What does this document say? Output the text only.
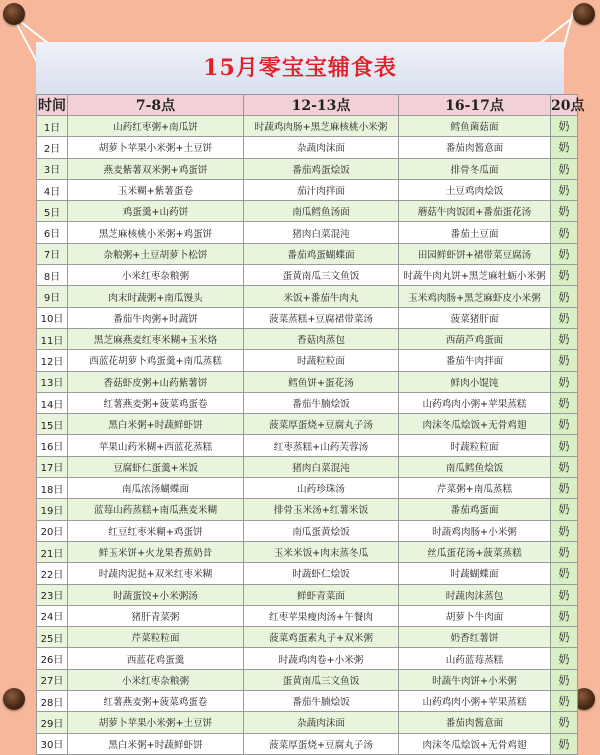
15月零宝宝辅食表
时间	7-8点	12-13点	16-17点	20点
1日	山药红枣粥+南瓜饼	时蔬鸡肉肠+黑芝麻核桃小米粥	鳕鱼菌菇面	奶
2日	胡萝卜苹果小米粥+土豆饼	杂蔬肉沫面	番茄肉酱意面	奶
3日	燕麦紫薯双米粥+鸡蛋饼	番茄鸡蛋烩饭	排骨冬瓜面	奶
4日	玉米糊+紫薯蛋卷	茄汁肉拌面	土豆鸡肉烩饭	奶
5日	鸡蛋羹+山药饼	南瓜鳕鱼汤面	蘑菇牛肉饭团+番茄蛋花汤	奶
6日	黑芝麻核桃小米粥+鸡蛋饼	猪肉白菜混沌	番茄土豆面	奶
7日	杂粮粥+土豆胡萝卜松饼	番茄鸡蛋蝴蝶面	田园鲜虾饼+裙带菜豆腐汤	奶
8日	小米红枣杂粮粥	蛋黄南瓜三文鱼饭	时蔬牛肉丸饼+黑芝麻牡蛎小米粥	奶
9日	肉末时蔬粥+南瓜馒头	米饭+番茄牛肉丸	玉米鸡肉肠+黑芝麻虾皮小米粥	奶
10日	番茄牛肉粥+时蔬饼	菠菜蒸糕+豆腐裙带菜汤	菠菜猪肝面	奶
11日	黑芝麻燕麦红枣米糊+玉米烙	香菇肉蒸包	西葫芦鸡蛋面	奶
12日	西蓝花胡萝卜鸡蛋羹+南瓜蒸糕	时蔬粒粒面	番茄牛肉拌面	奶
13日	香菇虾皮粥+山药紫薯饼	鳕鱼饼+蛋花汤	鲜肉小馄饨	奶
14日	红薯燕麦粥+菠菜鸡蛋卷	番茄牛腩烩饭	山药鸡肉小粥+苹果蒸糕	奶
15日	黑白米粥+时蔬鲜虾饼	菠菜厚蛋烧+豆腐丸子汤	肉沫冬瓜烩饭+无骨鸡翅	奶
16日	苹果山药米糊+西蓝花蒸糕	红枣蒸糕+山药芙蓉汤	时蔬粒粒面	奶
17日	豆腐虾仁蛋羹+米饭	猪肉白菜混沌	南瓜鳕鱼烩饭	奶
18日	南瓜浓汤蝴蝶面	山药珍珠汤	芹菜粥+南瓜蒸糕	奶
19日	蓝莓山药蒸糕+南瓜燕麦米糊	排骨玉米汤+红薯米饭	番茄鸡蛋面	奶
20日	红豆红枣米糊+鸡蛋饼	南瓜蛋黄烩饭	时蔬鸡肉肠+小米粥	奶
21日	鲜玉米饼+火龙果香蕉奶昔	玉米米饭+肉末蒸冬瓜	丝瓜蛋花汤+菠菜蒸糕	奶
22日	时蔬肉泥挞+双米红枣米糊	时蔬虾仁烩饭	时蔬蝴蝶面	奶
23日	时蔬蛋饺+小米粥汤	鲜虾青菜面	时蔬肉沫蒸包	奶
24日	猪肝青菜粥	红枣苹果瘦肉汤+午餐肉	胡萝卜牛肉面	奶
25日	芹菜粒粒面	菠菜鸡蛋素丸子+双米粥	奶香红薯饼	奶
26日	西蓝花鸡蛋羹	时蔬鸡肉卷+小米粥	山药蓝莓蒸糕	奶
27日	小米红枣杂粮粥	蛋黄南瓜三文鱼饭	时蔬牛肉饼+小米粥	奶
28日	红薯燕麦粥+菠菜鸡蛋卷	番茄牛腩烩饭	山药鸡肉小粥+苹果蒸糕	奶
29日	胡萝卜苹果小米粥+土豆饼	杂蔬肉沫面	番茄肉酱意面	奶
30日	黑白米粥+时蔬鲜虾饼	菠菜厚蛋烧+豆腐丸子汤	肉沫冬瓜烩饭+无骨鸡翅	奶
